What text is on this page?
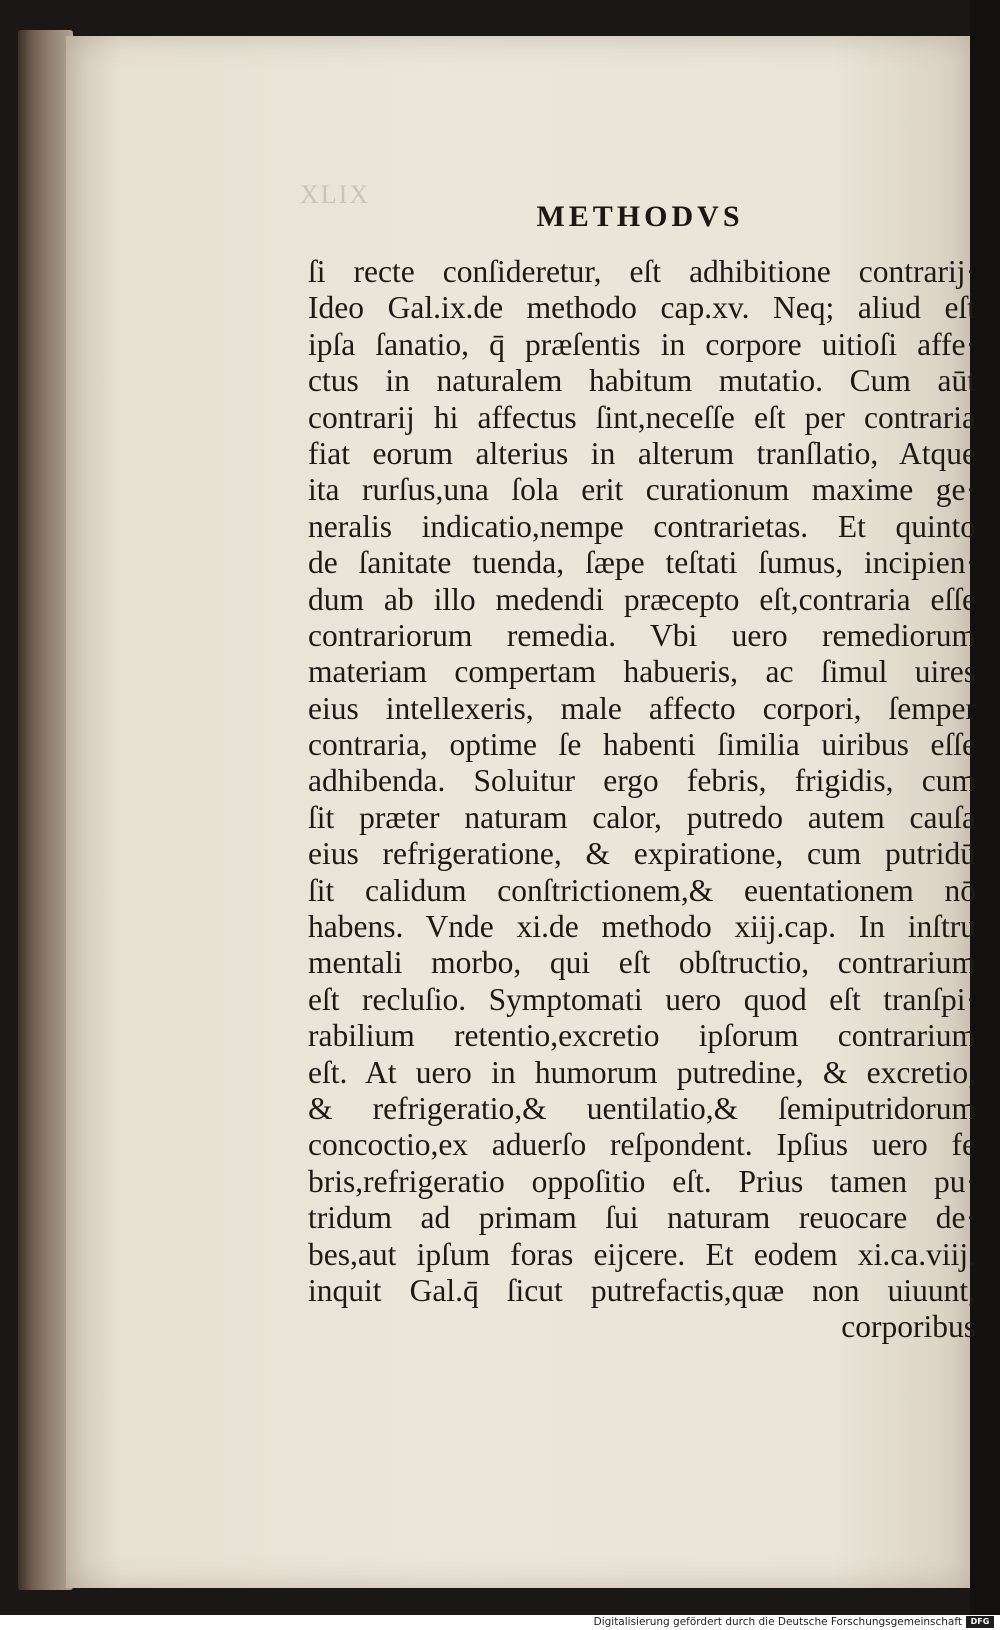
XLIX
METHODVS
ſi recte conſideretur, eſt adhibitione contrarij·
Ideo Gal.ix.de methodo cap.xv. Neq; aliud eſt
ipſa ſanatio, q̄ præſentis in corpore uitioſi affe·
ctus in naturalem habitum mutatio. Cum aūt
contrarij hi affectus ſint,neceſſe eſt per contraria
fiat eorum alterius in alterum tranſlatio, Atque
ita rurſus,una ſola erit curationum maxime ge·
neralis indicatio,nempe contrarietas. Et quinto
de ſanitate tuenda, ſæpe teſtati ſumus, incipien·
dum ab illo medendi præcepto eſt,contraria eſſe
contrariorum remedia. Vbi uero remediorum
materiam compertam habueris, ac ſimul uires
eius intellexeris, male affecto corpori, ſemper
contraria, optime ſe habenti ſimilia uiribus eſſe
adhibenda. Soluitur ergo febris, frigidis, cum
ſit præter naturam calor, putredo autem cauſa
eius refrigeratione, & expiratione, cum putridū
ſit calidum conſtrictionem,& euentationem nō
habens. Vnde xi.de methodo xiij.cap. In inſtru
mentali morbo, qui eſt obſtructio, contrarium
eſt recluſio. Symptomati uero quod eſt tranſpi·
rabilium retentio,excretio ipſorum contrarium
eſt. At uero in humorum putredine, & excretio,
& refrigeratio,& uentilatio,& ſemiputridorum
concoctio,ex aduerſo reſpondent. Ipſius uero fe
bris,refrigeratio oppoſitio eſt. Prius tamen pu·
tridum ad primam ſui naturam reuocare de·
bes,aut ipſum foras eijcere. Et eodem xi.ca.viij.
inquit Gal.q̄ ſicut putrefactis,quæ non uiuunt,
corporibus
Digitalisierung gefördert durch die Deutsche Forschungsgemeinschaft	DFG
